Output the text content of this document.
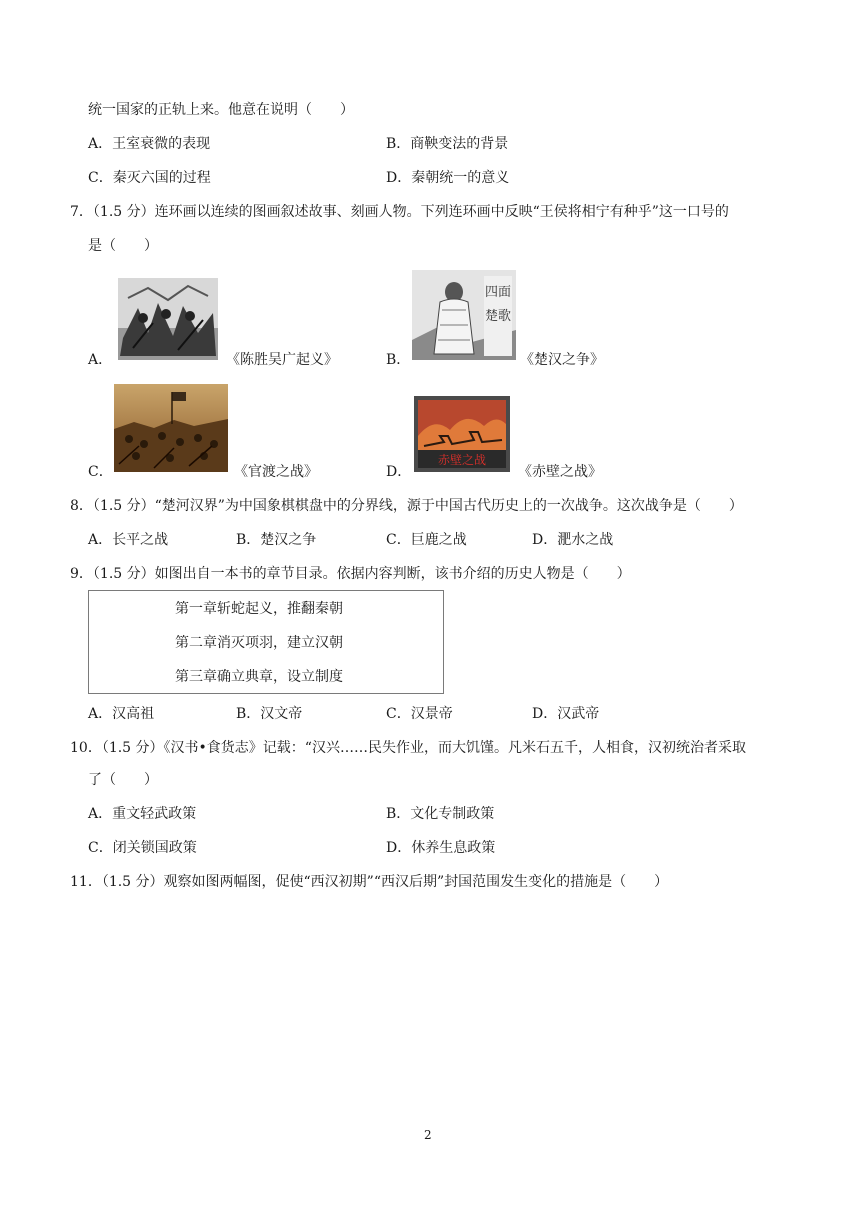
统一国家的正轨上来。他意在说明（　　）
A．王室衰微的表现	B．商鞅变法的背景
C．秦灭六国的过程	D．秦朝统一的意义
7．（1.5 分）连环画以连续的图画叙述故事、刻画人物。下列连环画中反映“王侯将相宁有种乎”这一口号的
是（　　）
A．	《陈胜吴广起义》	B．
四面
楚歌
《楚汉之争》
C．	《官渡之战》	D．
赤壁之战
《赤壁之战》
8．（1.5 分）“楚河汉界”为中国象棋棋盘中的分界线，源于中国古代历史上的一次战争。这次战争是（　　）
A．长平之战	B．楚汉之争	C．巨鹿之战	D．淝水之战
9．（1.5 分）如图出自一本书的章节目录。依据内容判断，该书介绍的历史人物是（　　）
第一章斩蛇起义，推翻秦朝
第二章消灭项羽，建立汉朝
第三章确立典章，设立制度
A．汉高祖	B．汉文帝	C．汉景帝	D．汉武帝
10．（1.5 分）《汉书•食货志》记载：“汉兴……民失作业，而大饥馑。凡米石五千，人相食，汉初统治者采取
了（　　）
A．重文轻武政策	B．文化专制政策
C．闭关锁国政策	D．休养生息政策
11．（1.5 分）观察如图两幅图，促使“西汉初期”“西汉后期”封国范围发生变化的措施是（　　）
2
